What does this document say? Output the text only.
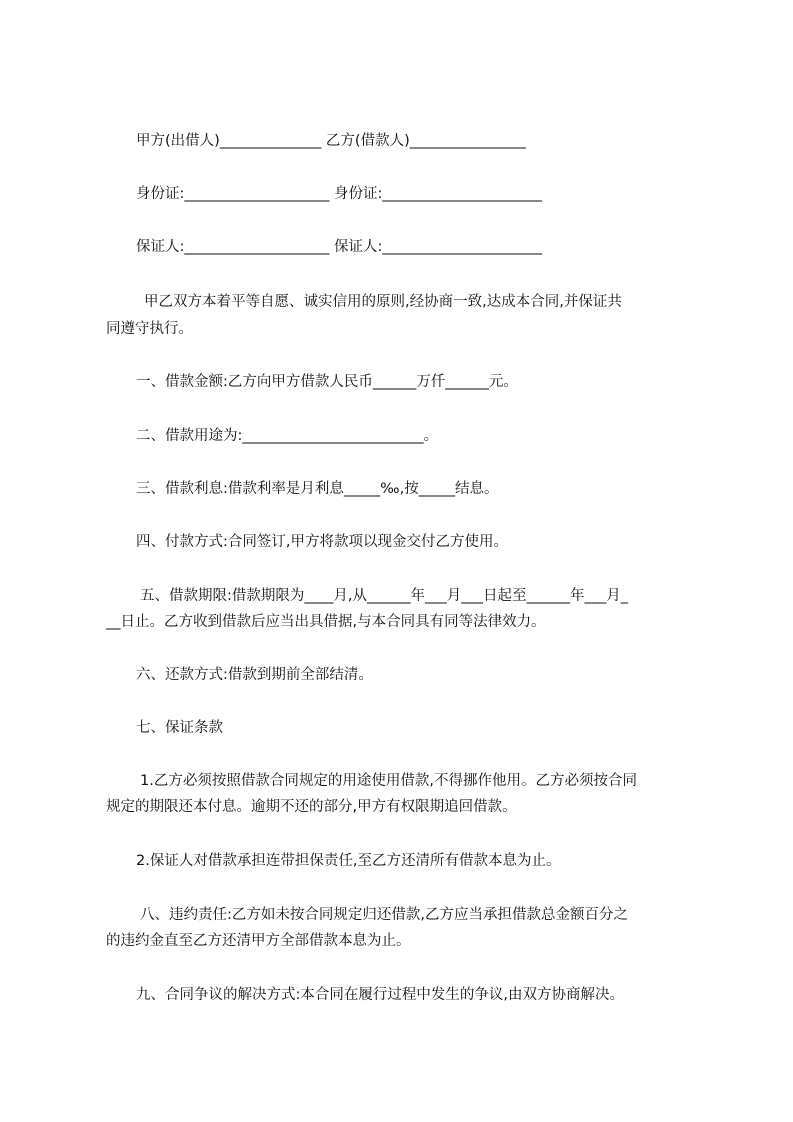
甲方(出借人)______________ 乙方(借款人)________________
身份证:____________________ 身份证:______________________
保证人:____________________ 保证人:______________________
甲乙双方本着平等自愿、诚实信用的原则,经协商一致,达成本合同,并保证共
同遵守执行。
一、借款金额:乙方向甲方借款人民币______万仟______元。
二、借款用途为:_________________________。
三、借款利息:借款利率是月利息_____‰,按_____结息。
四、付款方式:合同签订,甲方将款项以现金交付乙方使用。
五、借款期限:借款期限为____月,从______年___月___日起至______年___月_
__日止。乙方收到借款后应当出具借据,与本合同具有同等法律效力。
六、还款方式:借款到期前全部结清。
七、保证条款
1.乙方必须按照借款合同规定的用途使用借款,不得挪作他用。乙方必须按合同
规定的期限还本付息。逾期不还的部分,甲方有权限期追回借款。
2.保证人对借款承担连带担保责任,至乙方还清所有借款本息为止。
八、违约责任:乙方如未按合同规定归还借款,乙方应当承担借款总金额百分之
的违约金直至乙方还清甲方全部借款本息为止。
九、合同争议的解决方式:本合同在履行过程中发生的争议,由双方协商解决。
